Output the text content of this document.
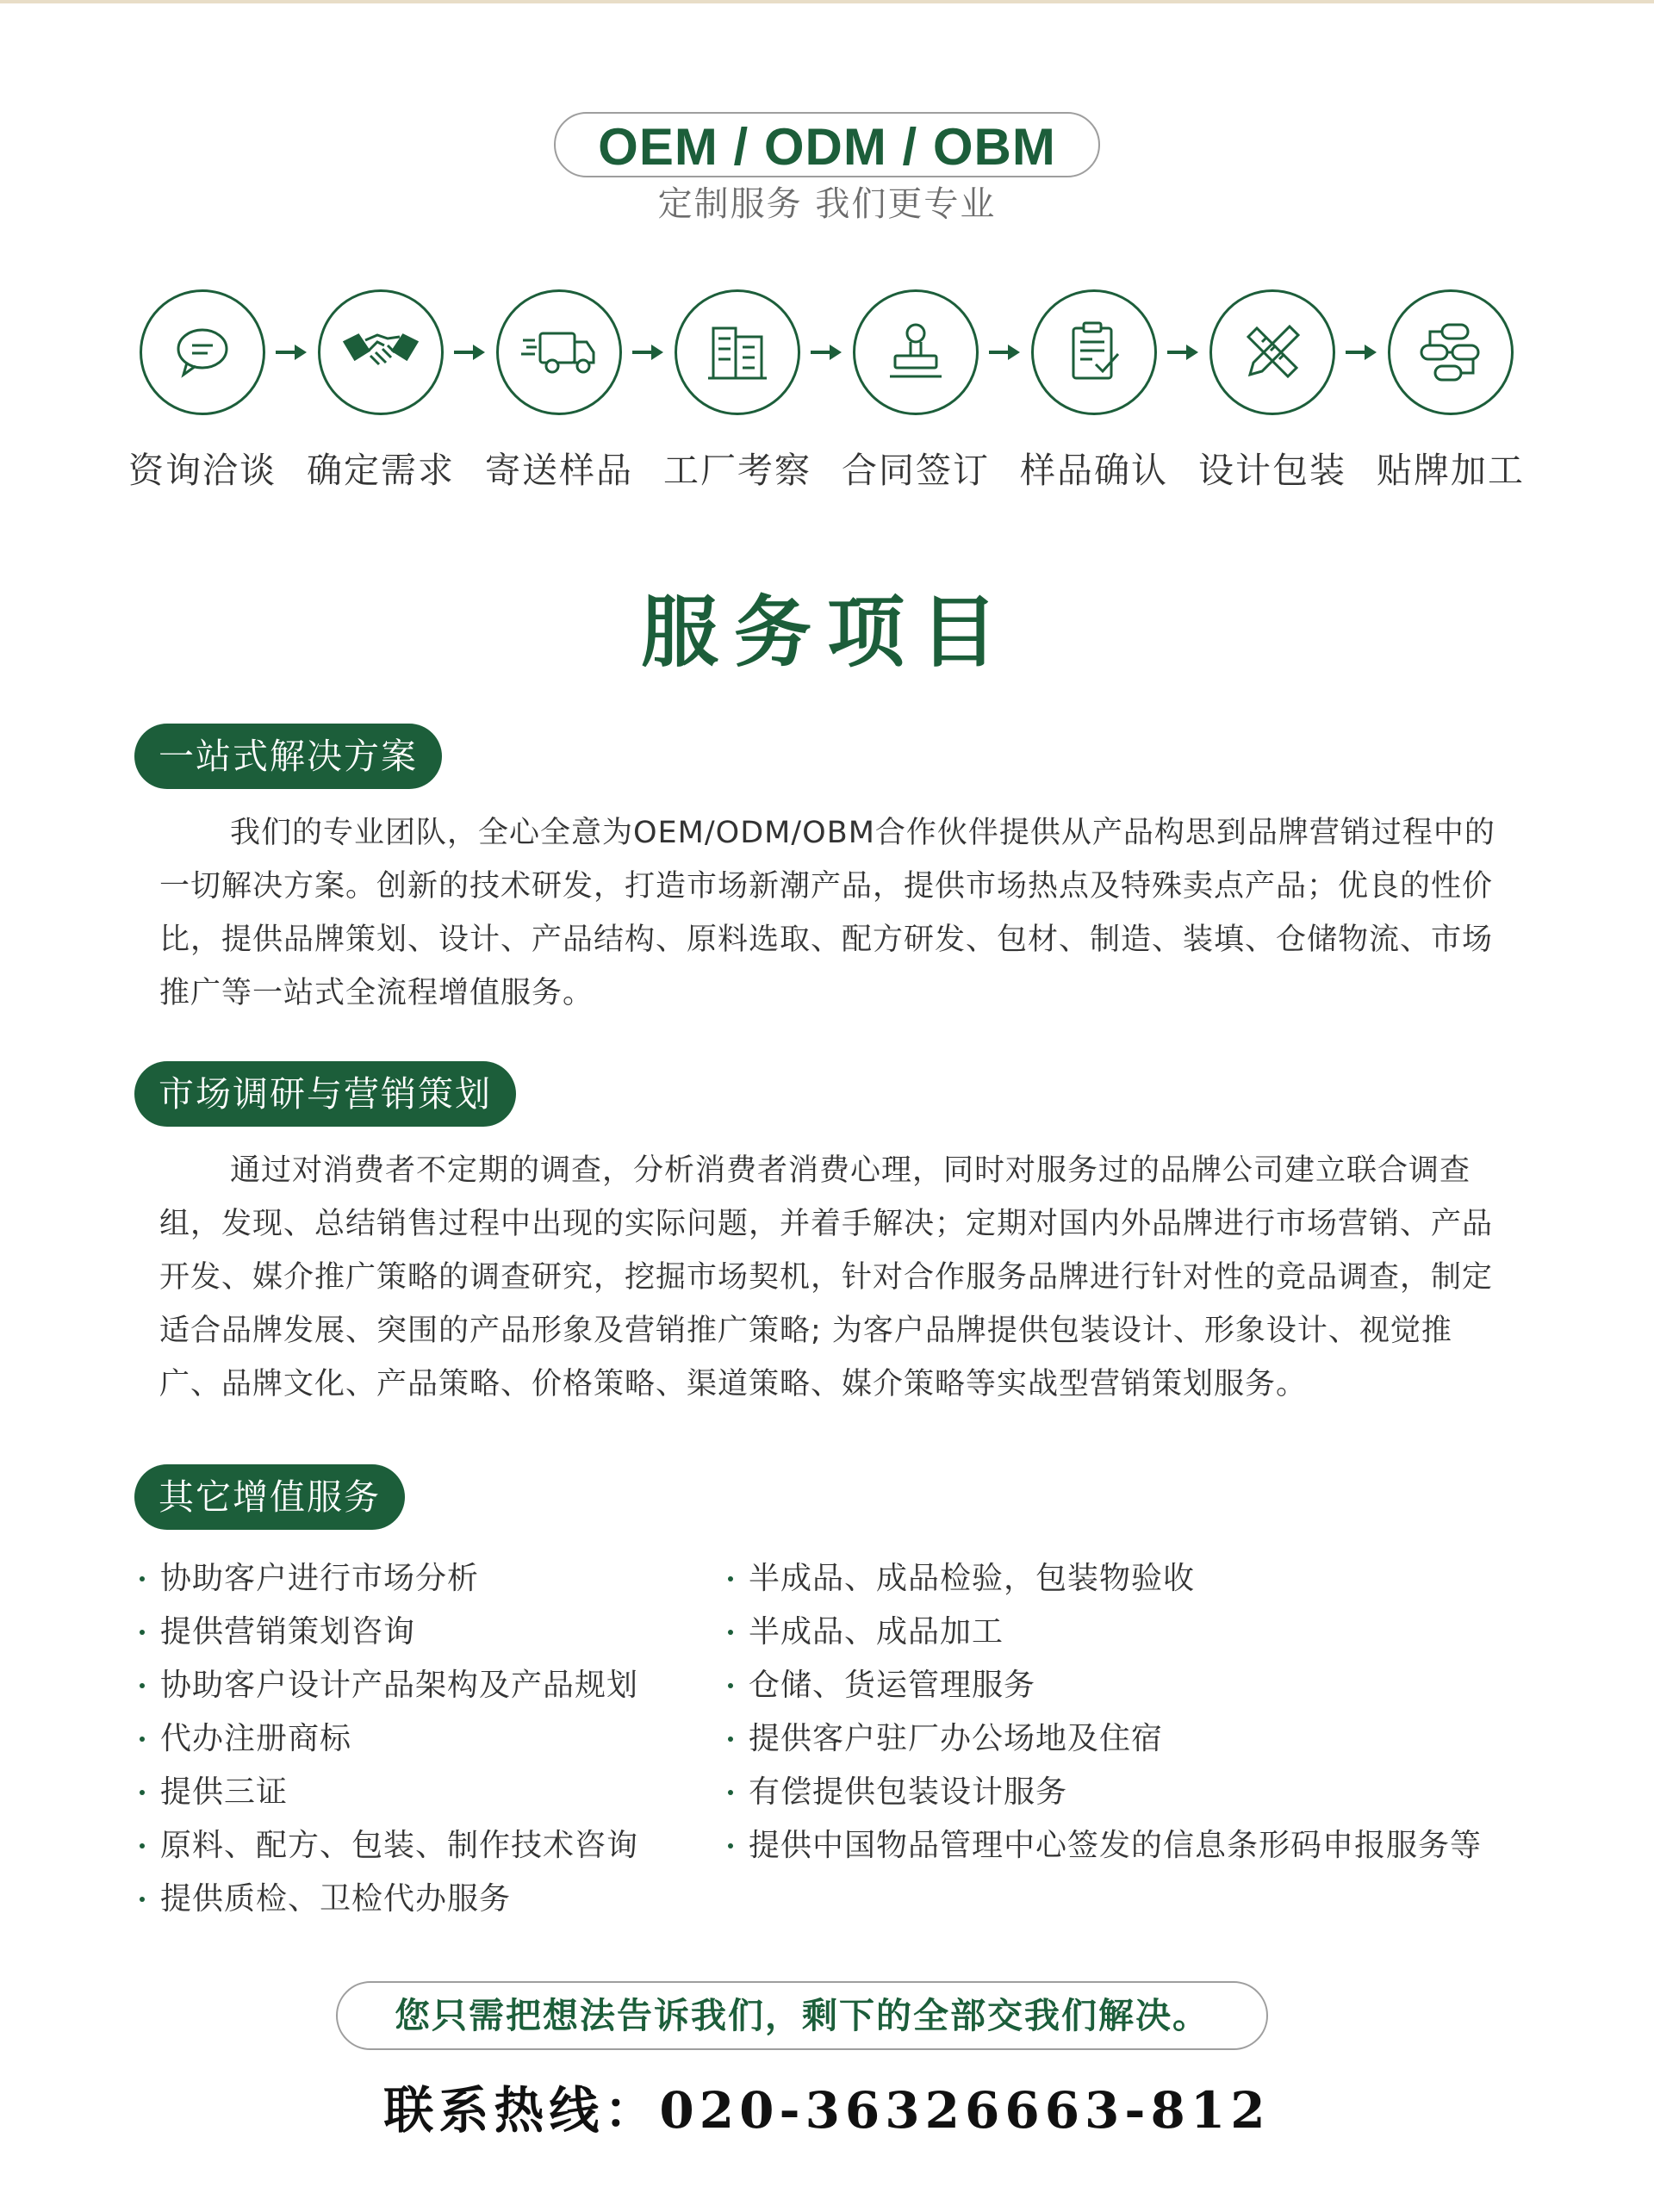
OEM / ODM / OBM
定制服务 我们更专业
资询洽谈 确定需求 寄送样品 工厂考察 合同签订 样品确认 设计包装 贴牌加工
服务项目
一站式解决方案
我们的专业团队，全心全意为OEM/ODM/OBM合作伙伴提供从产品构思到品牌营销过程中的一切解决方案。创新的技术研发，打造市场新潮产品，提供市场热点及特殊卖点产品；优良的性价比，提供品牌策划、设计、产品结构、原料选取、配方研发、包材、制造、装填、仓储物流、市场推广等一站式全流程增值服务。
市场调研与营销策划
通过对消费者不定期的调查，分析消费者消费心理，同时对服务过的品牌公司建立联合调查组，发现、总结销售过程中出现的实际问题，并着手解决；定期对国内外品牌进行市场营销、产品开发、媒介推广策略的调查研究，挖掘市场契机，针对合作服务品牌进行针对性的竞品调查，制定适合品牌发展、突围的产品形象及营销推广策略; 为客户品牌提供包装设计、形象设计、视觉推广、品牌文化、产品策略、价格策略、渠道策略、媒介策略等实战型营销策划服务。
其它增值服务
协助客户进行市场分析
提供营销策划咨询
协助客户设计产品架构及产品规划
代办注册商标
提供三证
原料、配方、包装、制作技术咨询
提供质检、卫检代办服务
半成品、成品检验，包装物验收
半成品、成品加工
仓储、货运管理服务
提供客户驻厂办公场地及住宿
有偿提供包装设计服务
提供中国物品管理中心签发的信息条形码申报服务等
您只需把想法告诉我们，剩下的全部交我们解决。
联系热线：020-36326663-812
